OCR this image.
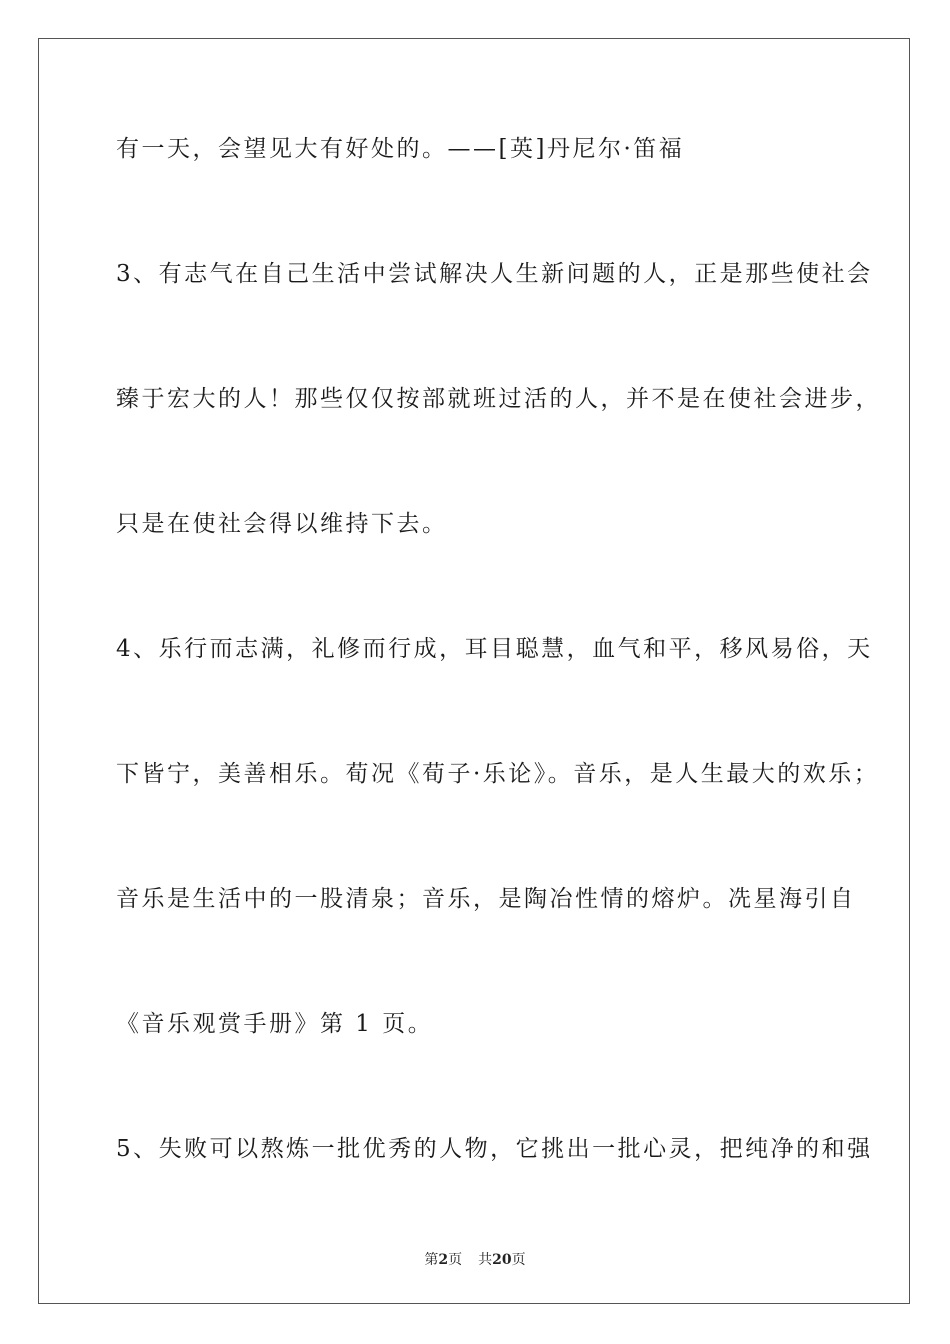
有一天，会望见大有好处的。——[英]丹尼尔·笛福
3、有志气在自己生活中尝试解决人生新问题的人，正是那些使社会
臻于宏大的人！那些仅仅按部就班过活的人，并不是在使社会进步，
只是在使社会得以维持下去。
4、乐行而志满，礼修而行成，耳目聪慧，血气和平，移风易俗，天
下皆宁，美善相乐。荀况《荀子·乐论》。音乐，是人生最大的欢乐；
音乐是生活中的一股清泉；音乐，是陶冶性情的熔炉。冼星海引自
《音乐观赏手册》第 1 页。
5、失败可以熬炼一批优秀的人物，它挑出一批心灵，把纯净的和强
第2页 共20页
